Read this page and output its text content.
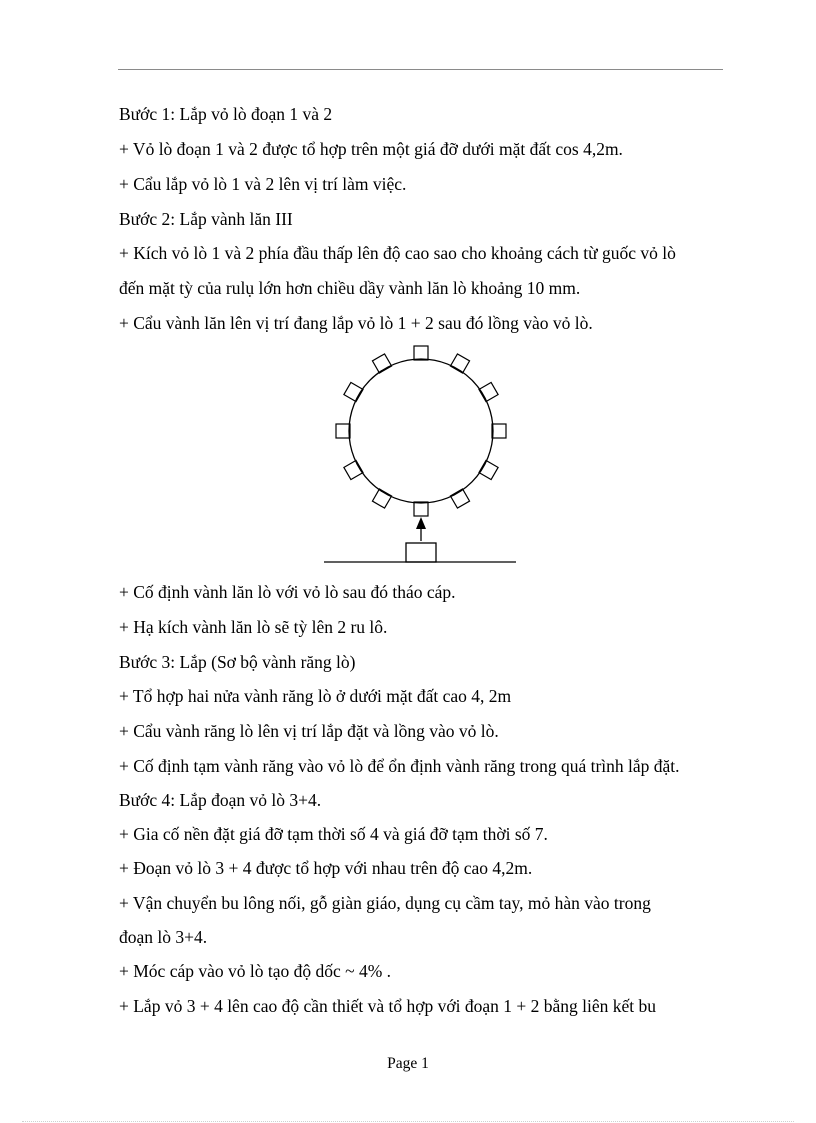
Bước 1: Lắp vỏ lò đoạn 1 và 2
+ Vỏ lò đoạn 1 và 2 được tổ hợp trên một giá đỡ dưới mặt đất cos 4,2m.
+ Cẩu lắp vỏ lò 1 và 2 lên vị trí làm việc.
Bước 2: Lắp vành lăn III
+ Kích vỏ lò 1 và 2 phía đầu thấp lên độ cao sao cho khoảng cách từ guốc vỏ lò
đến mặt tỳ của rulụ lớn hơn chiều dầy vành lăn lò khoảng 10 mm.
+ Cẩu vành lăn lên vị trí đang lắp vỏ lò 1 + 2 sau đó lồng vào vỏ lò.
+ Cố định vành lăn lò với vỏ lò sau đó tháo cáp.
+ Hạ kích vành lăn lò sẽ tỳ lên 2 ru lô.
Bước 3: Lắp (Sơ bộ vành răng lò)
+ Tổ hợp hai nửa vành răng lò ở dưới mặt đất cao 4, 2m
+ Cẩu vành răng lò lên vị trí lắp đặt và lồng vào vỏ lò.
+ Cố định tạm vành răng vào vỏ lò để ổn định vành răng trong quá trình lắp đặt.
Bước 4: Lắp đoạn vỏ lò 3+4.
+ Gia cố nền đặt giá đỡ tạm thời số 4 và giá đỡ tạm thời số 7.
+ Đoạn vỏ lò 3 + 4 được tổ hợp với nhau trên độ cao 4,2m.
+ Vận chuyển bu lông nối, gỗ giàn giáo, dụng cụ cầm tay, mỏ hàn vào trong
đoạn lò 3+4.
+ Móc cáp vào vỏ lò tạo độ dốc ~ 4% .
+ Lắp vỏ 3 + 4 lên cao độ cần thiết và tổ hợp với đoạn 1 + 2 bằng liên kết bu
Page 1
